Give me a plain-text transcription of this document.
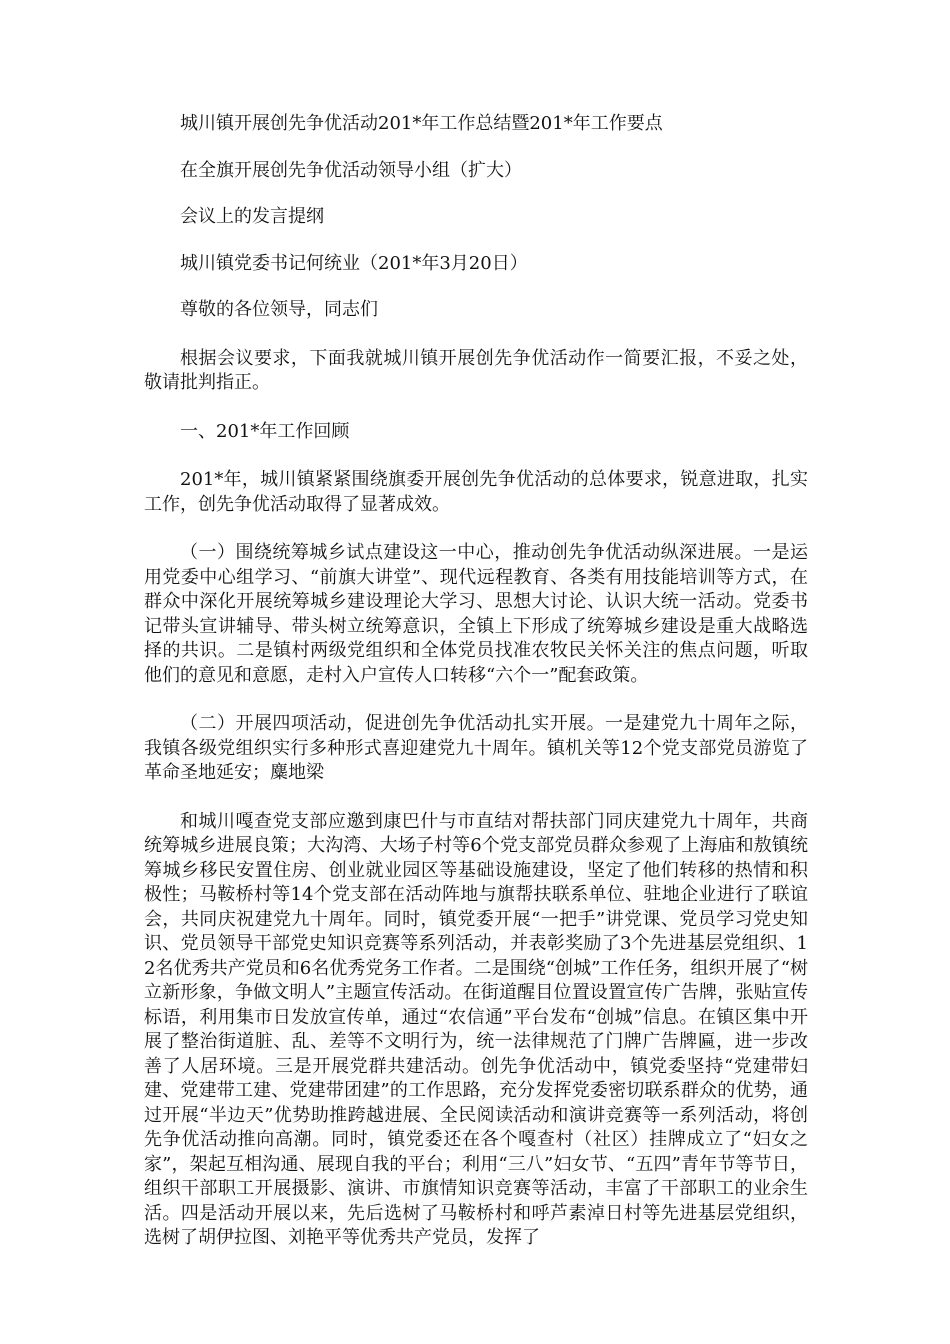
城川镇开展创先争优活动201*年工作总结暨201*年工作要点

在全旗开展创先争优活动领导小组（扩大）

会议上的发言提纲

城川镇党委书记何统业（201*年3月20日）

尊敬的各位领导，同志们

根据会议要求，下面我就城川镇开展创先争优活动作一简要汇报，不妥之处，敬请批判指正。

一、201*年工作回顾

201*年，城川镇紧紧围绕旗委开展创先争优活动的总体要求，锐意进取，扎实工作，创先争优活动取得了显著成效。

（一）围绕统筹城乡试点建设这一中心，推动创先争优活动纵深进展。一是运用党委中心组学习、“前旗大讲堂”、现代远程教育、各类有用技能培训等方式，在群众中深化开展统筹城乡建设理论大学习、思想大讨论、认识大统一活动。党委书记带头宣讲辅导、带头树立统筹意识，全镇上下形成了统筹城乡建设是重大战略选择的共识。二是镇村两级党组织和全体党员找准农牧民关怀关注的焦点问题，听取他们的意见和意愿，走村入户宣传人口转移“六个一”配套政策。

（二）开展四项活动，促进创先争优活动扎实开展。一是建党九十周年之际，我镇各级党组织实行多种形式喜迎建党九十周年。镇机关等12个党支部党员游览了革命圣地延安；麋地梁

和城川嘎查党支部应邀到康巴什与市直结对帮扶部门同庆建党九十周年，共商统筹城乡进展良策；大沟湾、大场子村等6个党支部党员群众参观了上海庙和敖镇统筹城乡移民安置住房、创业就业园区等基础设施建设，坚定了他们转移的热情和积极性；马鞍桥村等14个党支部在活动阵地与旗帮扶联系单位、驻地企业进行了联谊会，共同庆祝建党九十周年。同时，镇党委开展“一把手”讲党课、党员学习党史知识、党员领导干部党史知识竞赛等系列活动，并表彰奖励了3个先进基层党组织、12名优秀共产党员和6名优秀党务工作者。二是围绕“创城”工作任务，组织开展了“树立新形象，争做文明人”主题宣传活动。在街道醒目位置设置宣传广告牌，张贴宣传标语，利用集市日发放宣传单，通过“农信通”平台发布“创城”信息。在镇区集中开展了整治街道脏、乱、差等不文明行为，统一法律规范了门牌广告牌匾，进一步改善了人居环境。三是开展党群共建活动。创先争优活动中，镇党委坚持“党建带妇建、党建带工建、党建带团建”的工作思路，充分发挥党委密切联系群众的优势，通过开展“半边天”优势助推跨越进展、全民阅读活动和演讲竞赛等一系列活动，将创先争优活动推向高潮。同时，镇党委还在各个嘎查村（社区）挂牌成立了“妇女之家”，架起互相沟通、展现自我的平台；利用“三八”妇女节、“五四”青年节等节日，组织干部职工开展摄影、演讲、市旗情知识竞赛等活动，丰富了干部职工的业余生活。四是活动开展以来，先后选树了马鞍桥村和呼芦素淖日村等先进基层党组织，选树了胡伊拉图、刘艳平等优秀共产党员，发挥了
